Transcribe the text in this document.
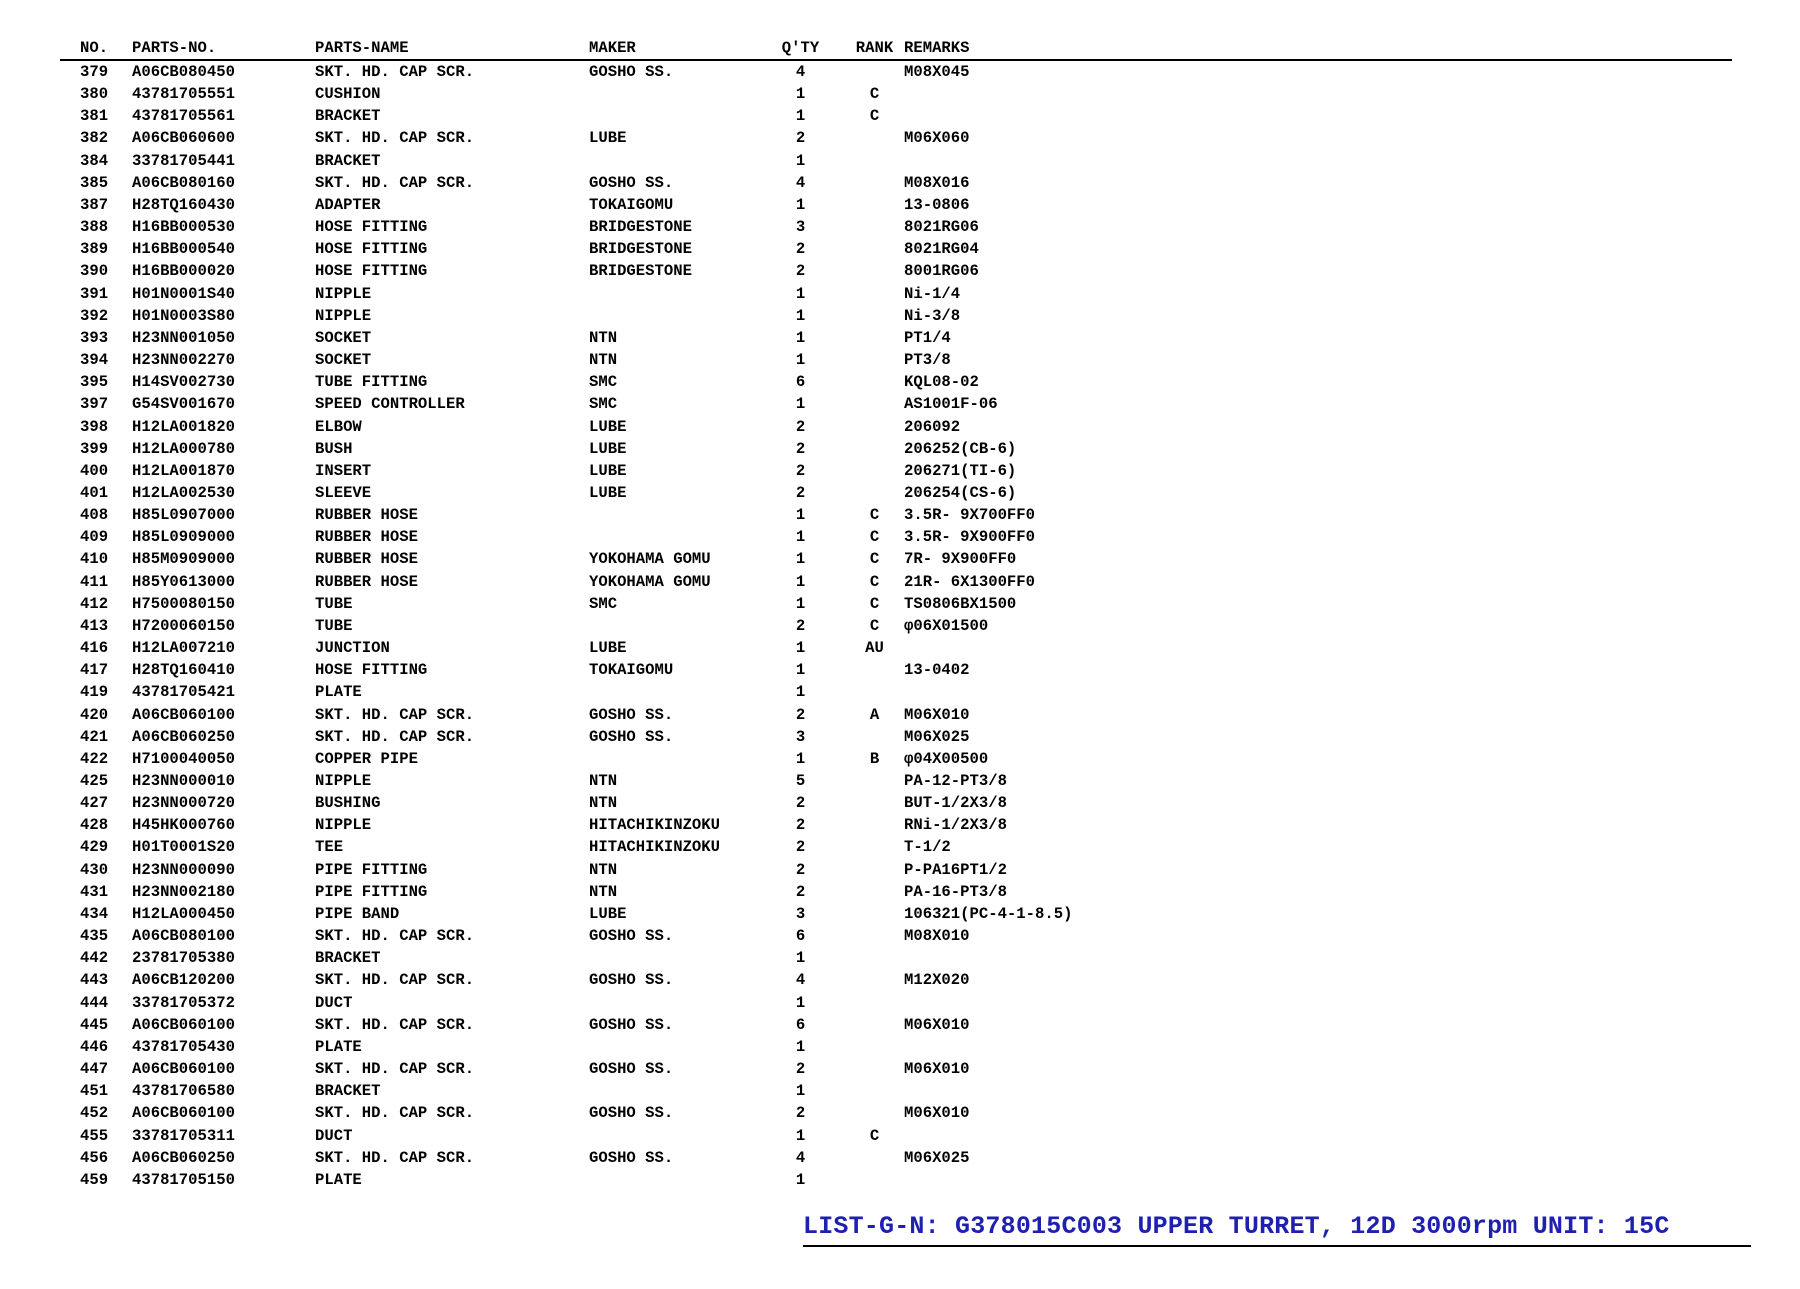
NO.	PARTS-NO.	PARTS-NAME	MAKER	Q'TY	RANK	REMARKS
379	A06CB080450	SKT. HD. CAP SCR.	GOSHO SS.	4		M08X045
380	43781705551	CUSHION		1	C	
381	43781705561	BRACKET		1	C	
382	A06CB060600	SKT. HD. CAP SCR.	LUBE	2		M06X060
384	33781705441	BRACKET		1		
385	A06CB080160	SKT. HD. CAP SCR.	GOSHO SS.	4		M08X016
387	H28TQ160430	ADAPTER	TOKAIGOMU	1		13-0806
388	H16BB000530	HOSE FITTING	BRIDGESTONE	3		8021RG06
389	H16BB000540	HOSE FITTING	BRIDGESTONE	2		8021RG04
390	H16BB000020	HOSE FITTING	BRIDGESTONE	2		8001RG06
391	H01N0001S40	NIPPLE		1		Ni-1/4
392	H01N0003S80	NIPPLE		1		Ni-3/8
393	H23NN001050	SOCKET	NTN	1		PT1/4
394	H23NN002270	SOCKET	NTN	1		PT3/8
395	H14SV002730	TUBE FITTING	SMC	6		KQL08-02
397	G54SV001670	SPEED CONTROLLER	SMC	1		AS1001F-06
398	H12LA001820	ELBOW	LUBE	2		206092
399	H12LA000780	BUSH	LUBE	2		206252(CB-6)
400	H12LA001870	INSERT	LUBE	2		206271(TI-6)
401	H12LA002530	SLEEVE	LUBE	2		206254(CS-6)
408	H85L0907000	RUBBER HOSE		1	C	3.5R- 9X700FF0
409	H85L0909000	RUBBER HOSE		1	C	3.5R- 9X900FF0
410	H85M0909000	RUBBER HOSE	YOKOHAMA GOMU	1	C	7R- 9X900FF0
411	H85Y0613000	RUBBER HOSE	YOKOHAMA GOMU	1	C	21R- 6X1300FF0
412	H7500080150	TUBE	SMC	1	C	TS0806BX1500
413	H7200060150	TUBE		2	C	φ06X01500
416	H12LA007210	JUNCTION	LUBE	1	AU	
417	H28TQ160410	HOSE FITTING	TOKAIGOMU	1		13-0402
419	43781705421	PLATE		1		
420	A06CB060100	SKT. HD. CAP SCR.	GOSHO SS.	2	A	M06X010
421	A06CB060250	SKT. HD. CAP SCR.	GOSHO SS.	3		M06X025
422	H7100040050	COPPER PIPE		1	B	φ04X00500
425	H23NN000010	NIPPLE	NTN	5		PA-12-PT3/8
427	H23NN000720	BUSHING	NTN	2		BUT-1/2X3/8
428	H45HK000760	NIPPLE	HITACHIKINZOKU	2		RNi-1/2X3/8
429	H01T0001S20	TEE	HITACHIKINZOKU	2		T-1/2
430	H23NN000090	PIPE FITTING	NTN	2		P-PA16PT1/2
431	H23NN002180	PIPE FITTING	NTN	2		PA-16-PT3/8
434	H12LA000450	PIPE BAND	LUBE	3		106321(PC-4-1-8.5)
435	A06CB080100	SKT. HD. CAP SCR.	GOSHO SS.	6		M08X010
442	23781705380	BRACKET		1		
443	A06CB120200	SKT. HD. CAP SCR.	GOSHO SS.	4		M12X020
444	33781705372	DUCT		1		
445	A06CB060100	SKT. HD. CAP SCR.	GOSHO SS.	6		M06X010
446	43781705430	PLATE		1		
447	A06CB060100	SKT. HD. CAP SCR.	GOSHO SS.	2		M06X010
451	43781706580	BRACKET		1		
452	A06CB060100	SKT. HD. CAP SCR.	GOSHO SS.	2		M06X010
455	33781705311	DUCT		1	C	
456	A06CB060250	SKT. HD. CAP SCR.	GOSHO SS.	4		M06X025
459	43781705150	PLATE		1		
LIST-G-N: G378015C003 UPPER TURRET, 12D 3000rpm UNIT: 15C
